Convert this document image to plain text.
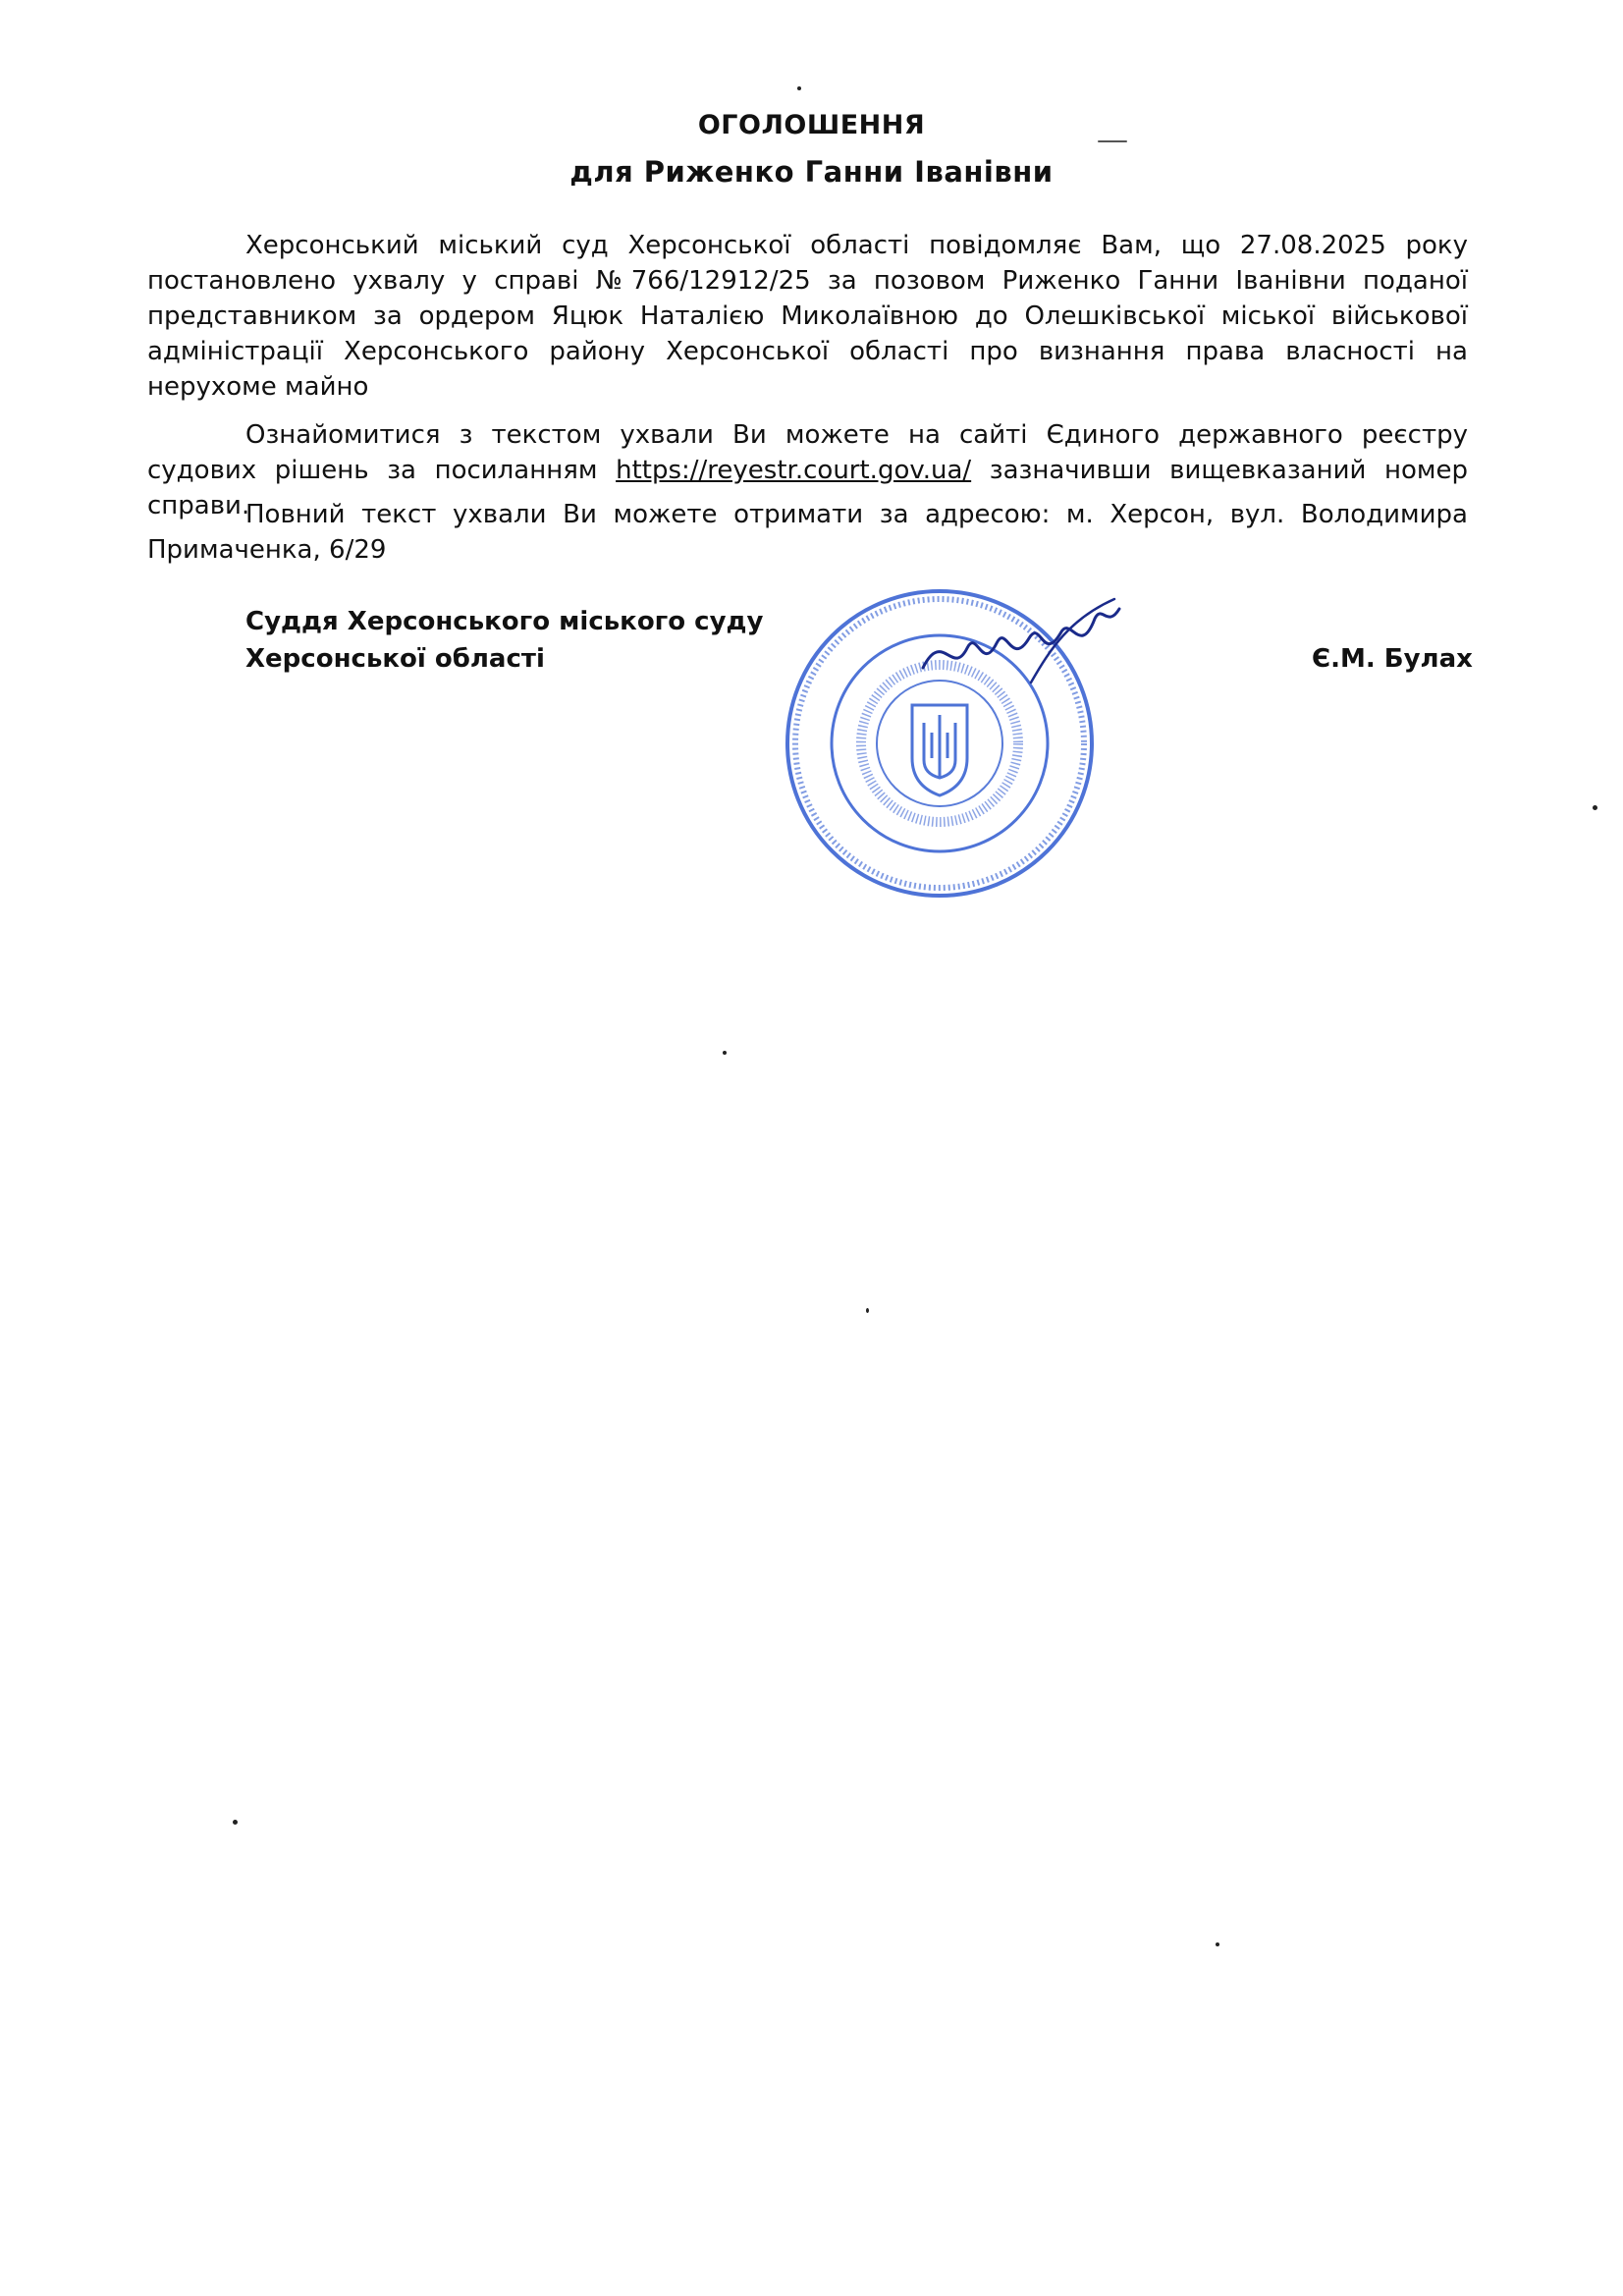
ОГОЛОШЕННЯ
для Риженко Ганни Іванівни

Херсонський міський суд Херсонської області повідомляє Вам, що 27.08.2025 року постановлено ухвалу у справі №766/12912/25 за позовом Риженко Ганни Іванівни поданої представником за ордером Яцюк Наталією Миколаївною до Олешківської міської військової адміністрації Херсонського району Херсонської області про визнання права власності на нерухоме майно

Ознайомитися з текстом ухвали Ви можете на сайті Єдиного державного реєстру судових рішень за посиланням https://reyestr.court.gov.ua/ зазначивши вищевказаний номер справи.

Повний текст ухвали Ви можете отримати за адресою: м. Херсон, вул. Володимира Примаченка, 6/29

Суддя Херсонського міського суду
Херсонської області	Є.М. Булах
